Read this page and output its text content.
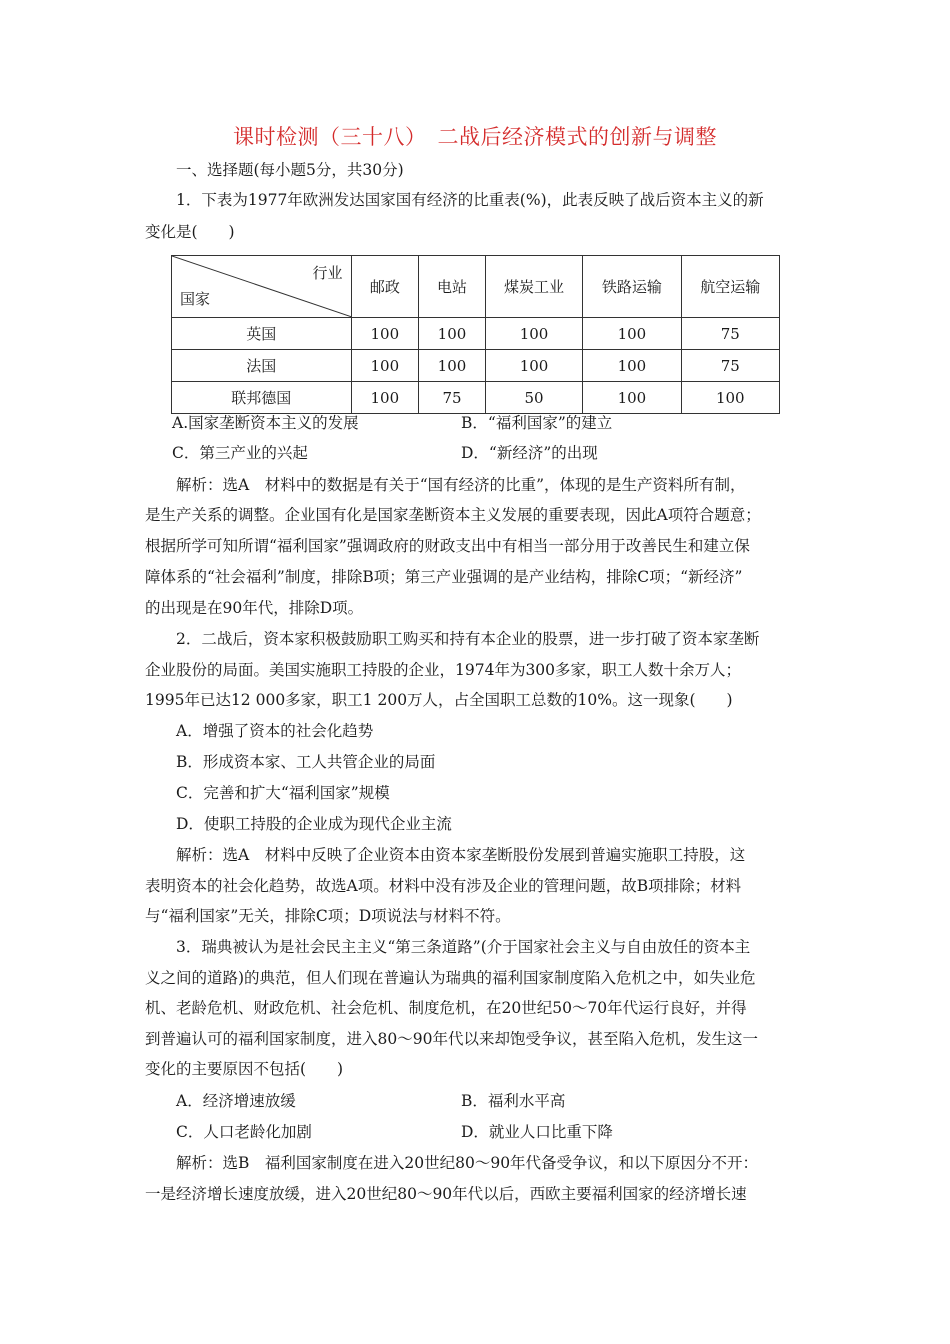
课时检测（三十八）　二战后经济模式的创新与调整
一、选择题(每小题5分，共30分)
1．下表为1977年欧洲发达国家国有经济的比重表(%)，此表反映了战后资本主义的新
变化是(　　)
行业
国家	邮政	电站	煤炭工业	铁路运输	航空运输
英国	100	100	100	100	75
法国	100	100	100	100	75
联邦德国	100	75	50	100	100
A.国家垄断资本主义的发展	B．“福利国家”的建立
C．第三产业的兴起	D．“新经济”的出现
解析：选A　材料中的数据是有关于“国有经济的比重”，体现的是生产资料所有制，
是生产关系的调整。企业国有化是国家垄断资本主义发展的重要表现，因此A项符合题意；
根据所学可知所谓“福利国家”强调政府的财政支出中有相当一部分用于改善民生和建立保
障体系的“社会福利”制度，排除B项；第三产业强调的是产业结构，排除C项；“新经济”
的出现是在90年代，排除D项。
2．二战后，资本家积极鼓励职工购买和持有本企业的股票，进一步打破了资本家垄断
企业股份的局面。美国实施职工持股的企业，1974年为300多家，职工人数十余万人；
1995年已达12 000多家，职工1 200万人，占全国职工总数的10%。这一现象(　　)
A．增强了资本的社会化趋势
B．形成资本家、工人共管企业的局面
C．完善和扩大“福利国家”规模
D．使职工持股的企业成为现代企业主流
解析：选A　材料中反映了企业资本由资本家垄断股份发展到普遍实施职工持股，这
表明资本的社会化趋势，故选A项。材料中没有涉及企业的管理问题，故B项排除；材料
与“福利国家”无关，排除C项；D项说法与材料不符。
3．瑞典被认为是社会民主主义“第三条道路”(介于国家社会主义与自由放任的资本主
义之间的道路)的典范，但人们现在普遍认为瑞典的福利国家制度陷入危机之中，如失业危
机、老龄危机、财政危机、社会危机、制度危机，在20世纪50～70年代运行良好，并得
到普遍认可的福利国家制度，进入80～90年代以来却饱受争议，甚至陷入危机，发生这一
变化的主要原因不包括(　　)
A．经济增速放缓	B．福利水平高
C．人口老龄化加剧	D．就业人口比重下降
解析：选B　福利国家制度在进入20世纪80～90年代备受争议，和以下原因分不开：
一是经济增长速度放缓，进入20世纪80～90年代以后，西欧主要福利国家的经济增长速
